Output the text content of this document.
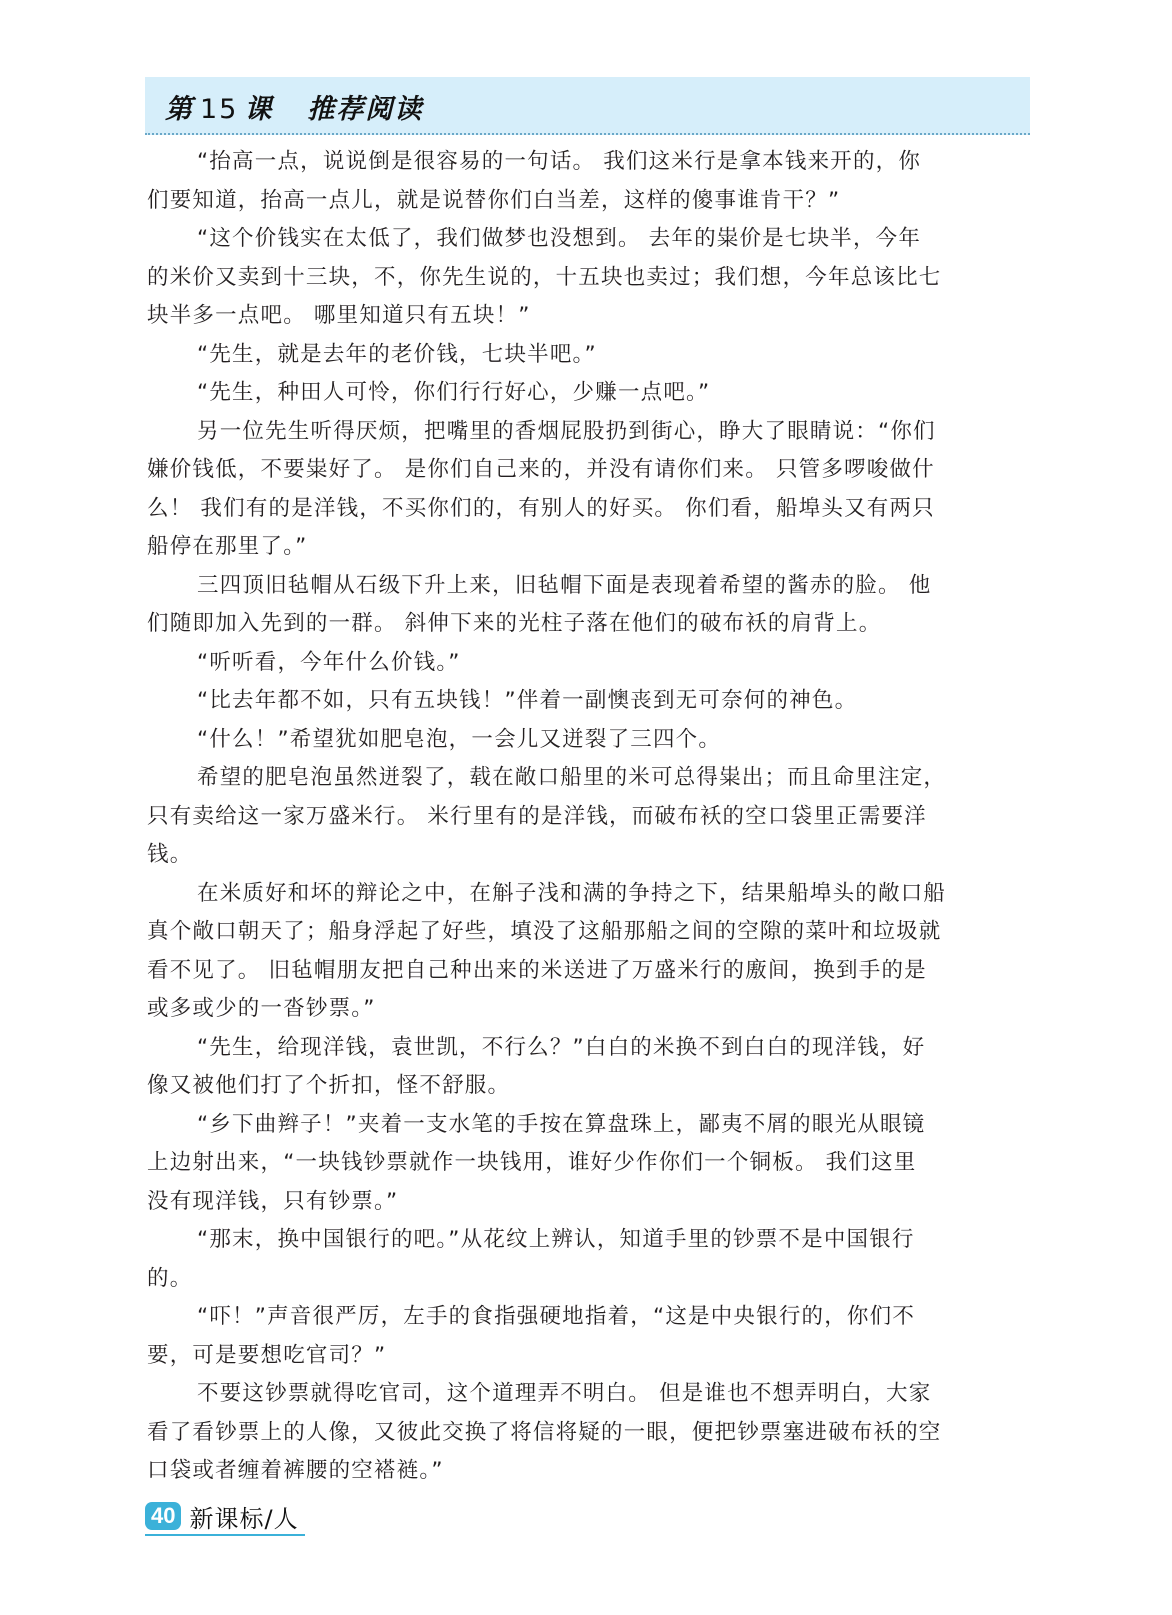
第 15 课 推荐阅读
“抬高一点，说说倒是很容易的一句话。 我们这米行是拿本钱来开的，你
们要知道，抬高一点儿，就是说替你们白当差，这样的傻事谁肯干？”
“这个价钱实在太低了，我们做梦也没想到。 去年的粜价是七块半，今年
的米价又卖到十三块，不，你先生说的，十五块也卖过；我们想，今年总该比七
块半多一点吧。 哪里知道只有五块！”
“先生，就是去年的老价钱，七块半吧。”
“先生，种田人可怜，你们行行好心，少赚一点吧。”
另一位先生听得厌烦，把嘴里的香烟屁股扔到街心，睁大了眼睛说：“你们
嫌价钱低，不要粜好了。 是你们自己来的，并没有请你们来。 只管多啰唆做什
么！ 我们有的是洋钱，不买你们的，有别人的好买。 你们看，船埠头又有两只
船停在那里了。”
三四顶旧毡帽从石级下升上来，旧毡帽下面是表现着希望的酱赤的脸。 他
们随即加入先到的一群。 斜伸下来的光柱子落在他们的破布袄的肩背上。
“听听看，今年什么价钱。”
“比去年都不如，只有五块钱！”伴着一副懊丧到无可奈何的神色。
“什么！”希望犹如肥皂泡，一会儿又迸裂了三四个。
希望的肥皂泡虽然迸裂了，载在敞口船里的米可总得粜出；而且命里注定，
只有卖给这一家万盛米行。 米行里有的是洋钱，而破布袄的空口袋里正需要洋
钱。
在米质好和坏的辩论之中，在斛子浅和满的争持之下，结果船埠头的敞口船
真个敞口朝天了；船身浮起了好些，填没了这船那船之间的空隙的菜叶和垃圾就
看不见了。 旧毡帽朋友把自己种出来的米送进了万盛米行的廒间，换到手的是
或多或少的一沓钞票。”
“先生，给现洋钱，袁世凯，不行么？”白白的米换不到白白的现洋钱，好
像又被他们打了个折扣，怪不舒服。
“乡下曲辫子！”夹着一支水笔的手按在算盘珠上，鄙夷不屑的眼光从眼镜
上边射出来，“一块钱钞票就作一块钱用，谁好少作你们一个铜板。 我们这里
没有现洋钱，只有钞票。”
“那末，换中国银行的吧。”从花纹上辨认，知道手里的钞票不是中国银行
的。
“吓！”声音很严厉，左手的食指强硬地指着，“这是中央银行的，你们不
要，可是要想吃官司？”
不要这钞票就得吃官司，这个道理弄不明白。 但是谁也不想弄明白，大家
看了看钞票上的人像，又彼此交换了将信将疑的一眼，便把钞票塞进破布袄的空
口袋或者缠着裤腰的空褡裢。”
40 新课标/人
